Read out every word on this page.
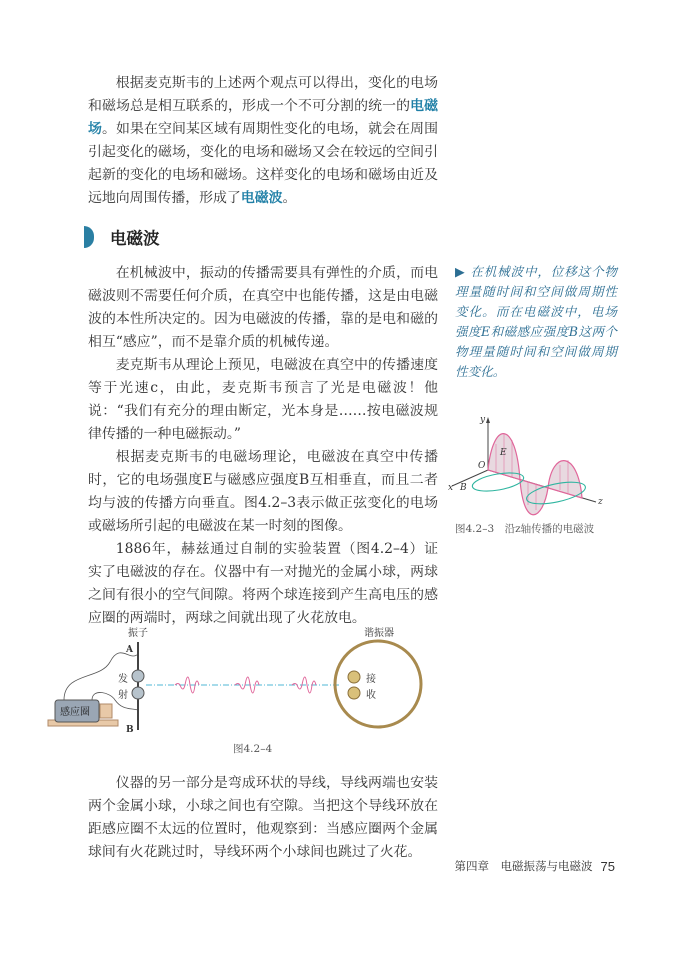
根据麦克斯韦的上述两个观点可以得出，变化的电场和磁场总是相互联系的，形成一个不可分割的统一的电磁场。如果在空间某区域有周期性变化的电场，就会在周围引起变化的磁场，变化的电场和磁场又会在较远的空间引起新的变化的电场和磁场。这样变化的电场和磁场由近及远地向周围传播，形成了电磁波。

电磁波

在机械波中，振动的传播需要具有弹性的介质，而电磁波则不需要任何介质，在真空中也能传播，这是由电磁波的本性所决定的。因为电磁波的传播，靠的是电和磁的相互“感应”，而不是靠介质的机械传递。

麦克斯韦从理论上预见，电磁波在真空中的传播速度等于光速c，由此，麦克斯韦预言了光是电磁波！他说：“我们有充分的理由断定，光本身是……按电磁波规律传播的一种电磁振动。”

根据麦克斯韦的电磁场理论，电磁波在真空中传播时，它的电场强度E与磁感应强度B互相垂直，而且二者均与波的传播方向垂直。图4.2–3表示做正弦变化的电场或磁场所引起的电磁波在某一时刻的图像。

1886年，赫兹通过自制的实验装置（图4.2–4）证实了电磁波的存在。仪器中有一对抛光的金属小球，两球之间有很小的空气间隙。将两个球连接到产生高电压的感应圈的两端时，两球之间就出现了火花放电。

▶ 在机械波中，位移这个物理量随时间和空间做周期性变化。而在电磁波中，电场强度E和磁感应强度B这两个物理量随时间和空间做周期性变化。
y
z
x
O
E
B
图4.2–3　沿z轴传播的电磁波
感应圈
振子
A
B
发
射
谐振器
接
收
图4.2–4

仪器的另一部分是弯成环状的导线，导线两端也安装两个金属小球，小球之间也有空隙。当把这个导线环放在距感应圈不太远的位置时，他观察到：当感应圈两个金属球间有火花跳过时，导线环两个小球间也跳过了火花。

第四章　电磁振荡与电磁波 75
